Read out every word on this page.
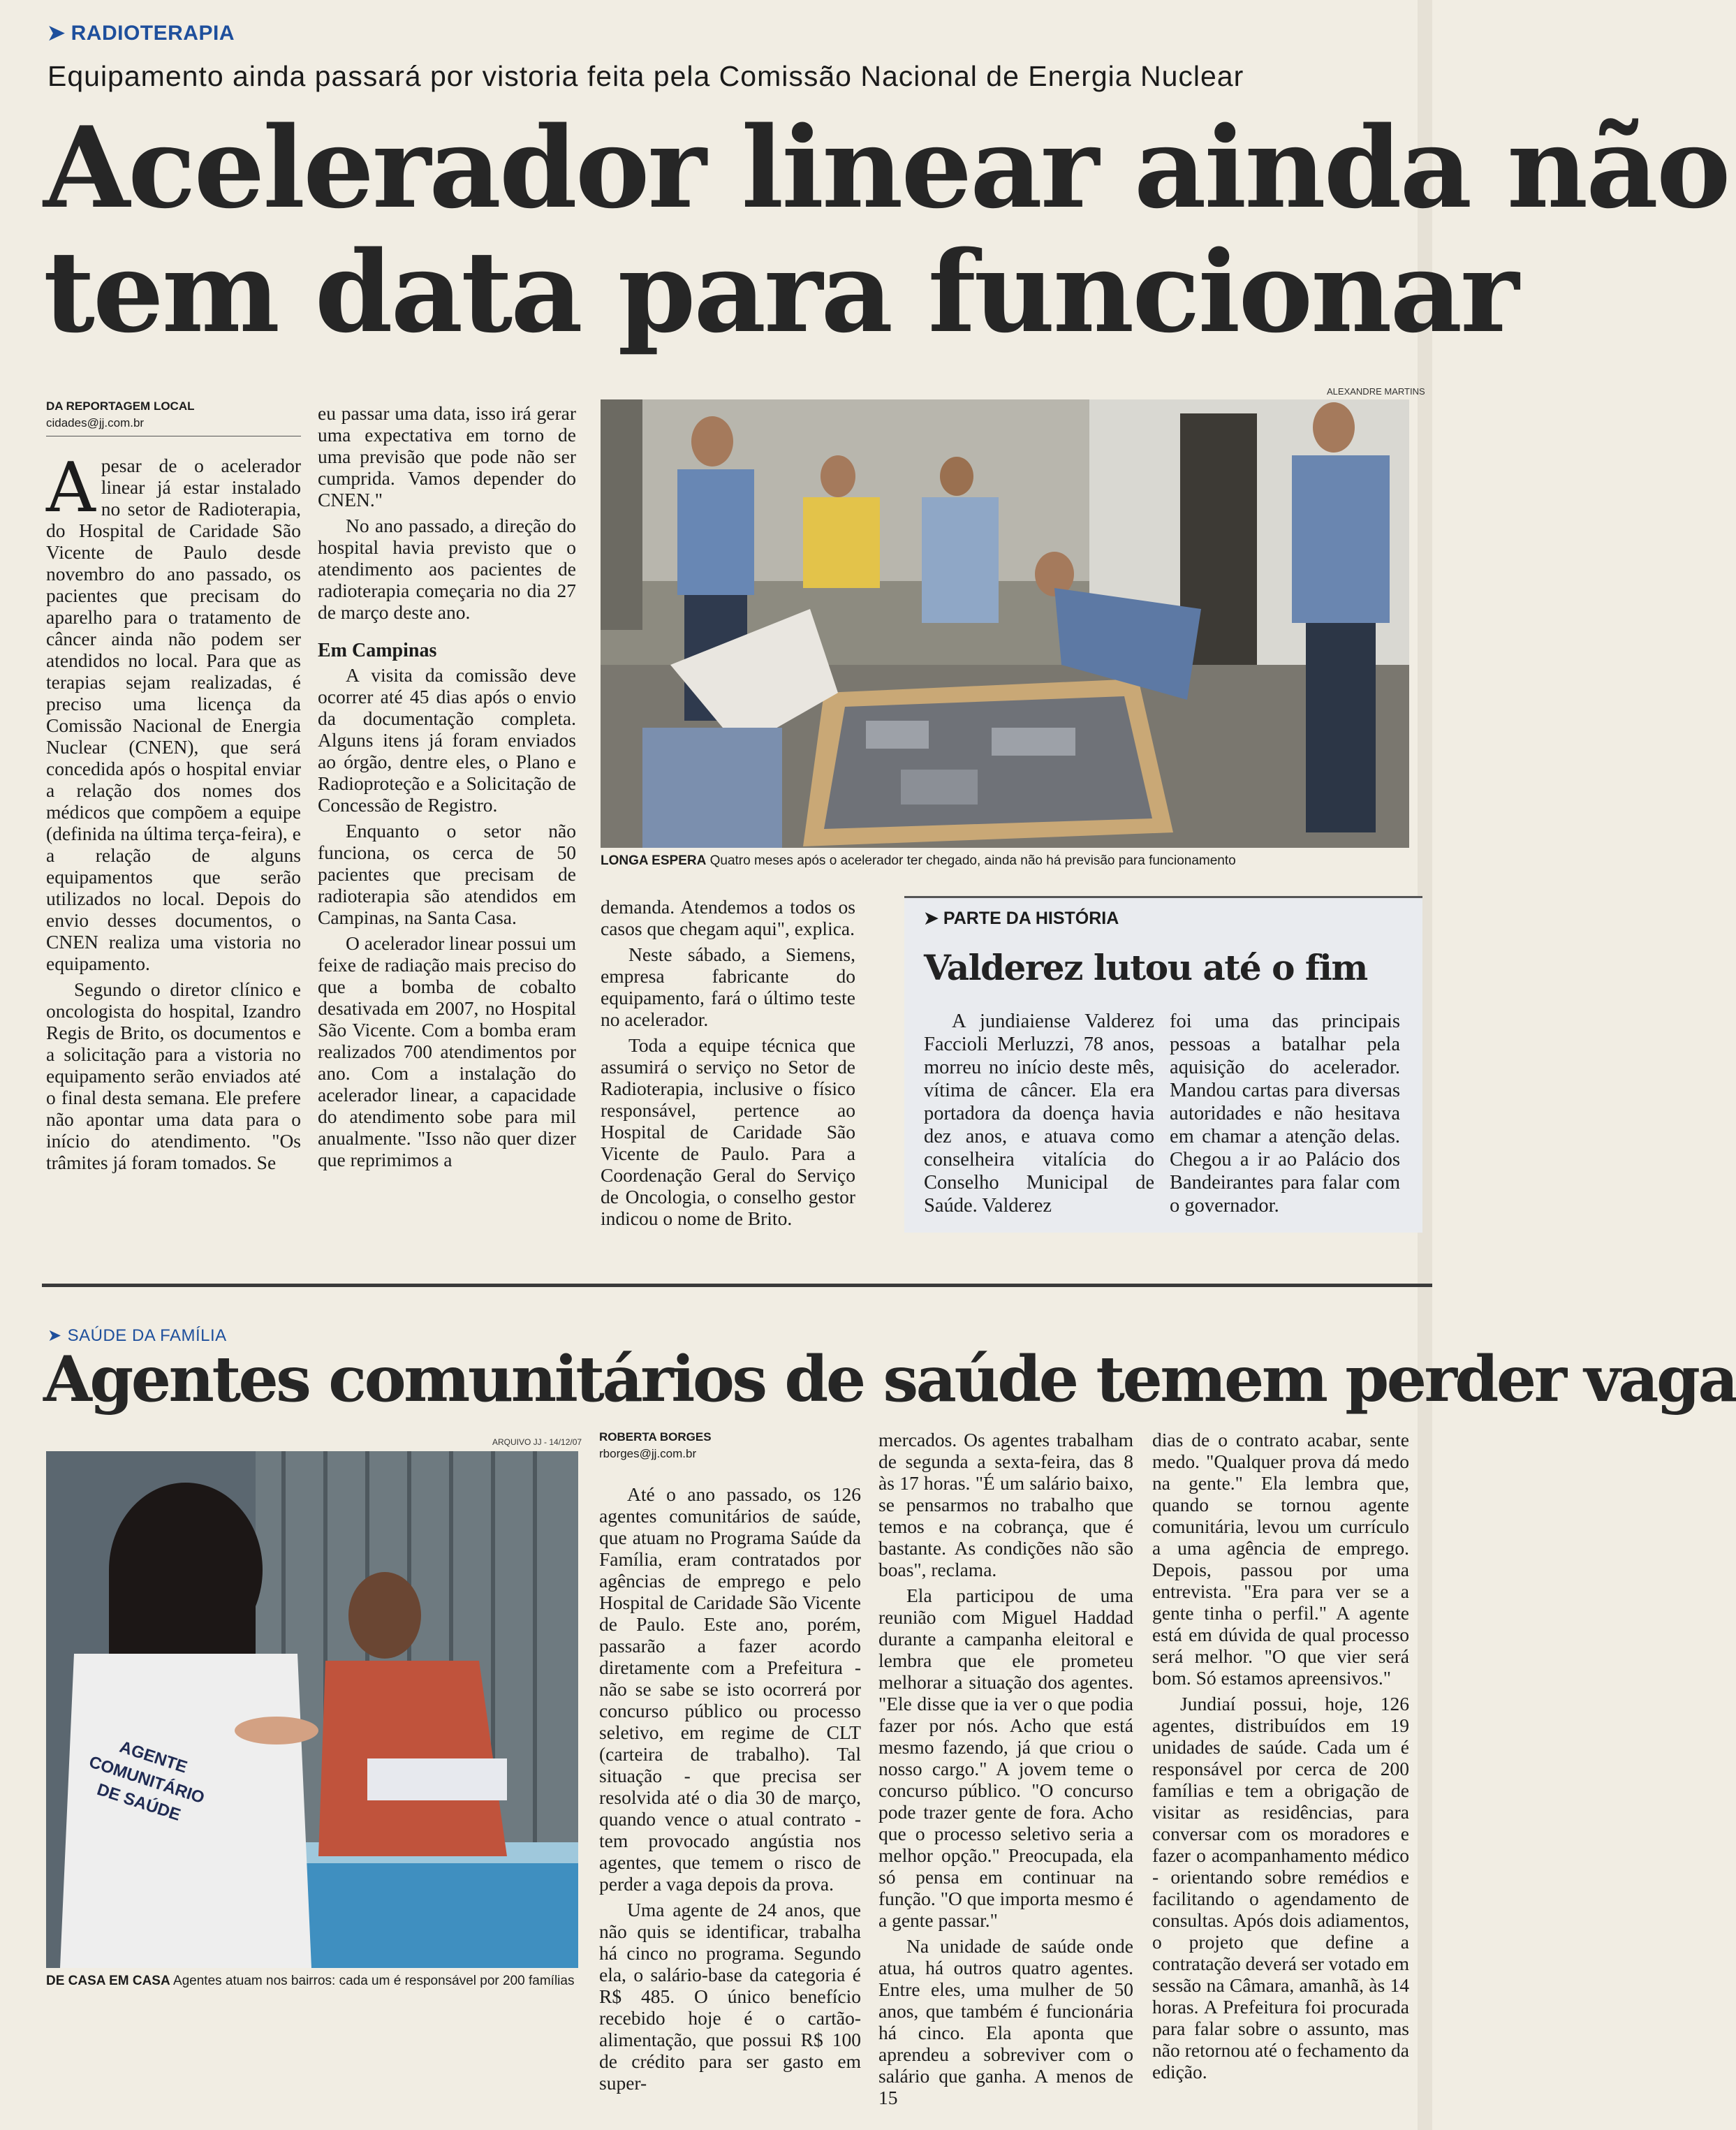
➤ RADIOTERAPIA
Equipamento ainda passará por vistoria feita pela Comissão Nacional de Energia Nuclear
Acelerador linear ainda não
tem data para funcionar
DA REPORTAGEM LOCAL
cidades@jj.com.br

Apesar de o acelerador linear já estar instalado no setor de Radioterapia, do Hospital de Caridade São Vicente de Paulo desde novembro do ano passado, os pacientes que precisam do aparelho para o tratamento de câncer ainda não podem ser atendidos no local. Para que as terapias sejam realizadas, é preciso uma licença da Comissão Nacional de Energia Nuclear (CNEN), que será concedida após o hospital enviar a relação dos nomes dos médicos que compõem a equipe (definida na última terça-feira), e a relação de alguns equipamentos que serão utilizados no local. Depois do envio desses documentos, o CNEN realiza uma vistoria no equipamento.

Segundo o diretor clínico e oncologista do hospital, Izandro Regis de Brito, os documentos e a solicitação para a vistoria no equipamento serão enviados até o final desta semana. Ele prefere não apontar uma data para o início do atendimento. "Os trâmites já foram tomados. Se

eu passar uma data, isso irá gerar uma expectativa em torno de uma previsão que pode não ser cumprida. Vamos depender do CNEN."

No ano passado, a direção do hospital havia previsto que o atendimento aos pacientes de radioterapia começaria no dia 27 de março deste ano.

Em Campinas

A visita da comissão deve ocorrer até 45 dias após o envio da documentação completa. Alguns itens já foram enviados ao órgão, dentre eles, o Plano e Radioproteção e a Solicitação de Concessão de Registro.

Enquanto o setor não funciona, os cerca de 50 pacientes que precisam de radioterapia são atendidos em Campinas, na Santa Casa.

O acelerador linear possui um feixe de radiação mais preciso do que a bomba de cobalto desativada em 2007, no Hospital São Vicente. Com a bomba eram realizados 700 atendimentos por ano. Com a instalação do acelerador linear, a capacidade do atendimento sobe para mil anualmente. "Isso não quer dizer que reprimimos a

ALEXANDRE MARTINS
LONGA ESPERA Quatro meses após o acelerador ter chegado, ainda não há previsão para funcionamento

demanda. Atendemos a todos os casos que chegam aqui", explica.

Neste sábado, a Siemens, empresa fabricante do equipamento, fará o último teste no acelerador.

Toda a equipe técnica que assumirá o serviço no Setor de Radioterapia, inclusive o físico responsável, pertence ao Hospital de Caridade São Vicente de Paulo. Para a Coordenação Geral do Serviço de Oncologia, o conselho gestor indicou o nome de Brito.

➤ PARTE DA HISTÓRIA
Valderez lutou até o fim

A jundiaiense Valderez Faccioli Merluzzi, 78 anos, morreu no início deste mês, vítima de câncer. Ela era portadora da doença havia dez anos, e atuava como conselheira vitalícia do Conselho Municipal de Saúde. Valderez

foi uma das principais pessoas a batalhar pela aquisição do acelerador. Mandou cartas para diversas autoridades e não hesitava em chamar a atenção delas. Chegou a ir ao Palácio dos Bandeirantes para falar com o governador.

➤ SAÚDE DA FAMÍLIA
Agentes comunitários de saúde temem perder vaga
ARQUIVO JJ - 14/12/07
AGENTE COMUNITÁRIO DE SAÚDE
DE CASA EM CASA Agentes atuam nos bairros: cada um é responsável por 200 famílias
ROBERTA BORGES
rborges@jj.com.br

Até o ano passado, os 126 agentes comunitários de saúde, que atuam no Programa Saúde da Família, eram contratados por agências de emprego e pelo Hospital de Caridade São Vicente de Paulo. Este ano, porém, passarão a fazer acordo diretamente com a Prefeitura - não se sabe se isto ocorrerá por concurso público ou processo seletivo, em regime de CLT (carteira de trabalho). Tal situação - que precisa ser resolvida até o dia 30 de março, quando vence o atual contrato - tem provocado angústia nos agentes, que temem o risco de perder a vaga depois da prova.

Uma agente de 24 anos, que não quis se identificar, trabalha há cinco no programa. Segundo ela, o salário-base da categoria é R$ 485. O único benefício recebido hoje é o cartão-alimentação, que possui R$ 100 de crédito para ser gasto em super-

mercados. Os agentes trabalham de segunda a sexta-feira, das 8 às 17 horas. "É um salário baixo, se pensarmos no trabalho que temos e na cobrança, que é bastante. As condições não são boas", reclama.

Ela participou de uma reunião com Miguel Haddad durante a campanha eleitoral e lembra que ele prometeu melhorar a situação dos agentes. "Ele disse que ia ver o que podia fazer por nós. Acho que está mesmo fazendo, já que criou o nosso cargo." A jovem teme o concurso público. "O concurso pode trazer gente de fora. Acho que o processo seletivo seria a melhor opção." Preocupada, ela só pensa em continuar na função. "O que importa mesmo é a gente passar."

Na unidade de saúde onde atua, há outros quatro agentes. Entre eles, uma mulher de 50 anos, que também é funcionária há cinco. Ela aponta que aprendeu a sobreviver com o salário que ganha. A menos de 15

dias de o contrato acabar, sente medo. "Qualquer prova dá medo na gente." Ela lembra que, quando se tornou agente comunitária, levou um currículo a uma agência de emprego. Depois, passou por uma entrevista. "Era para ver se a gente tinha o perfil." A agente está em dúvida de qual processo será melhor. "O que vier será bom. Só estamos apreensivos."

Jundiaí possui, hoje, 126 agentes, distribuídos em 19 unidades de saúde. Cada um é responsável por cerca de 200 famílias e tem a obrigação de visitar as residências, para conversar com os moradores e fazer o acompanhamento médico - orientando sobre remédios e facilitando o agendamento de consultas. Após dois adiamentos, o projeto que define a contratação deverá ser votado em sessão na Câmara, amanhã, às 14 horas. A Prefeitura foi procurada para falar sobre o assunto, mas não retornou até o fechamento da edição.
